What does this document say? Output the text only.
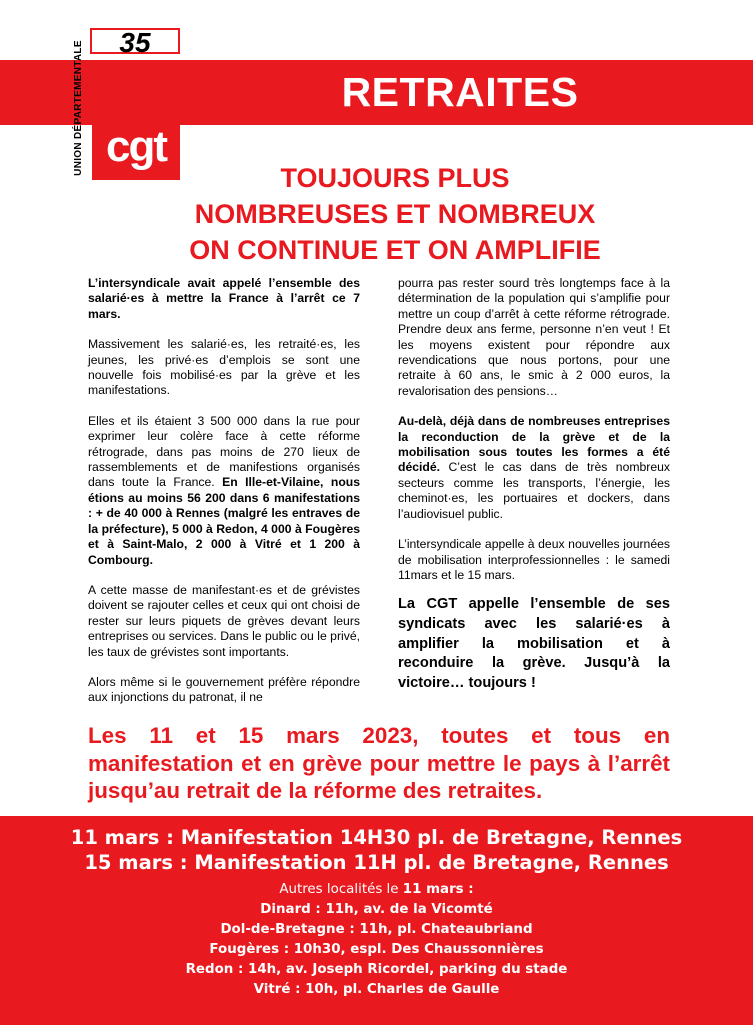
RETRAITES
UNION DÉPARTEMENTALE	35
la
cgt
TOUJOURS PLUS
NOMBREUSES ET NOMBREUX
ON CONTINUE ET ON AMPLIFIE

L’intersyndicale avait appelé l’ensemble des salarié·es à mettre la France à l’arrêt ce 7 mars.

Massivement les salarié·es, les retraité·es, les jeunes, les privé·es d’emplois se sont une nouvelle fois mobilisé·es par la grève et les manifestations.

Elles et ils étaient 3 500 000 dans la rue pour exprimer leur colère face à cette réforme rétrograde, dans pas moins de 270 lieux de rassemblements et de manifestions organisés dans toute la France. En Ille-et-Vilaine, nous étions au moins 56 200 dans 6 manifestations : + de 40 000 à Rennes (malgré les entraves de la préfecture), 5 000 à Redon, 4 000 à Fougères et à Saint-Malo, 2 000 à Vitré et 1 200 à Combourg.

A cette masse de manifestant·es et de grévistes doivent se rajouter celles et ceux qui ont choisi de rester sur leurs piquets de grèves devant leurs entreprises ou services. Dans le public ou le privé, les taux de grévistes sont importants.

Alors même si le gouvernement préfère répondre aux injonctions du patronat, il ne

pourra pas rester sourd très longtemps face à la détermination de la population qui s’amplifie pour mettre un coup d’arrêt à cette réforme rétrograde. Prendre deux ans ferme, personne n’en veut ! Et les moyens existent pour répondre aux revendications que nous portons, pour une retraite à 60 ans, le smic à 2 000 euros, la revalorisation des pensions…

Au-delà, déjà dans de nombreuses entreprises la reconduction de la grève et de la mobilisation sous toutes les formes a été décidé. C’est le cas dans de très nombreux secteurs comme les transports, l’énergie, les cheminot·es, les portuaires et dockers, dans l’audiovisuel public.

L’intersyndicale appelle à deux nouvelles journées de mobilisation interprofessionnelles : le samedi 11mars et le 15 mars.

La CGT appelle l’ensemble de ses syndicats avec les salarié·es à amplifier la mobilisation et à reconduire la grève. Jusqu’à la victoire… toujours !

Les 11 et 15 mars 2023, toutes et tous en manifestation et en grève pour mettre le pays à l’arrêt jusqu’au retrait de la réforme des retraites.
11 mars : Manifestation 14H30 pl. de Bretagne, Rennes
15 mars : Manifestation 11H pl. de Bretagne, Rennes
Autres localités le 11 mars :
Dinard : 11h, av. de la Vicomté
Dol-de-Bretagne : 11h, pl. Chateaubriand
Fougères : 10h30, espl. Des Chaussonnières
Redon : 14h, av. Joseph Ricordel, parking du stade
Vitré : 10h, pl. Charles de Gaulle
